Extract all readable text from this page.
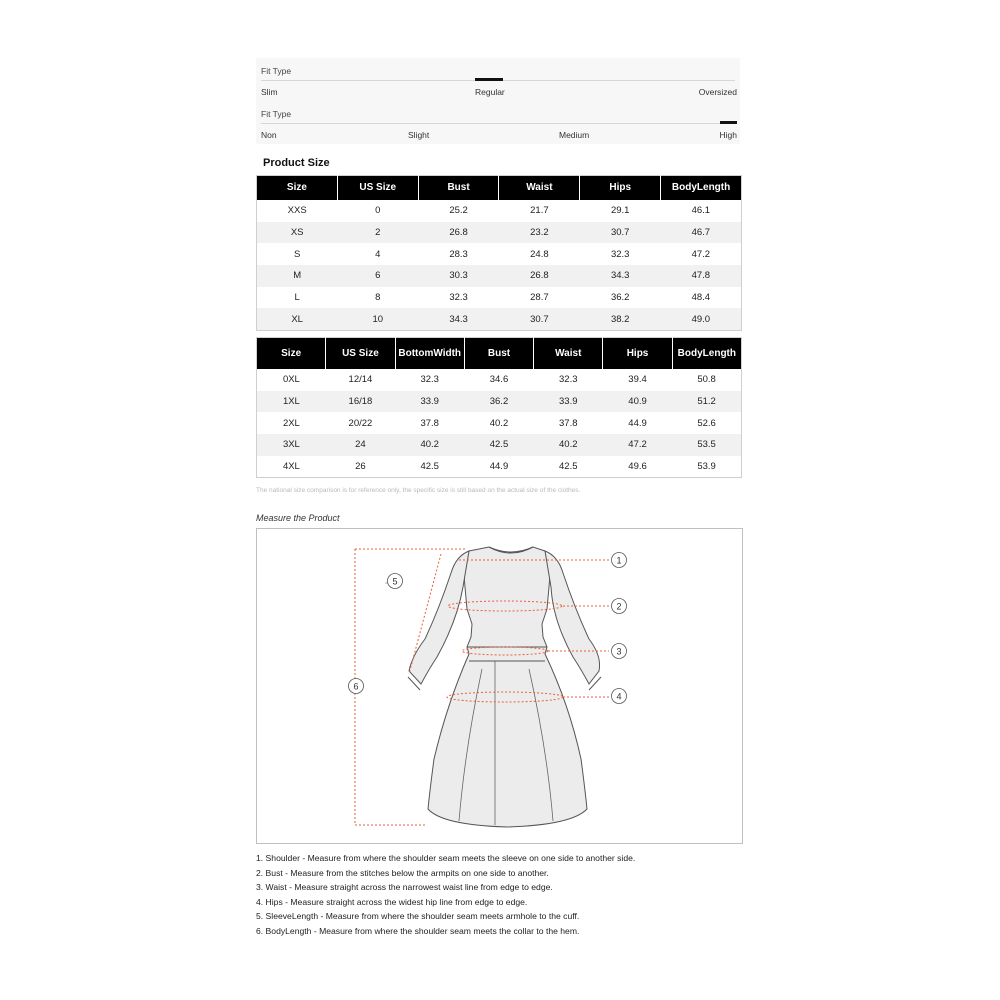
Fit Type
Slim	Regular	Oversized
Fit Type
Non	Slight	Medium	High
Product Size
Size	US Size	Bust	Waist	Hips	BodyLength
XXS	0	25.2	21.7	29.1	46.1
XS	2	26.8	23.2	30.7	46.7
S	4	28.3	24.8	32.3	47.2
M	6	30.3	26.8	34.3	47.8
L	8	32.3	28.7	36.2	48.4
XL	10	34.3	30.7	38.2	49.0
Size	US Size	BottomWidth	Bust	Waist	Hips	BodyLength
0XL	12/14	32.3	34.6	32.3	39.4	50.8
1XL	16/18	33.9	36.2	33.9	40.9	51.2
2XL	20/22	37.8	40.2	37.8	44.9	52.6
3XL	24	40.2	42.5	40.2	47.2	53.5
4XL	26	42.5	44.9	42.5	49.6	53.9
The national size comparison is for reference only, the specific size is still based on the actual size of the clothes.
Measure the Product
1
2
3
4
5
6
1. Shoulder - Measure from where the shoulder seam meets the sleeve on one side to another side.
2. Bust - Measure from the stitches below the armpits on one side to another.
3. Waist - Measure straight across the narrowest waist line from edge to edge.
4. Hips - Measure straight across the widest hip line from edge to edge.
5. SleeveLength - Measure from where the shoulder seam meets armhole to the cuff.
6. BodyLength - Measure from where the shoulder seam meets the collar to the hem.
